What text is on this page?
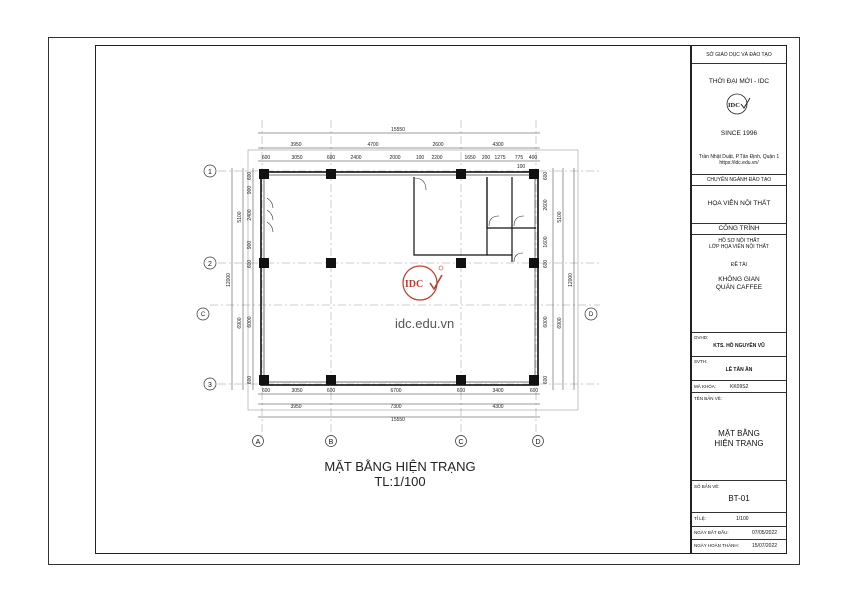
1
2
3
A	B	C	D
C	D
15550
3950	4700	2600	4300
600	3050	600	2400	2000	100 2200	1650 200 1275 775 400
100
600	3050	600	6700	600	3400	600
3950	7300	4300
15550
12000
5100
6900
600
2400
600
6000
600
900
900
12000
5100
6900
600
2600
1600
600
6000
600
IDC
IDC
idc.edu.vn
MẶT BẰNG HIỆN TRẠNG
TL:1/100
SỞ GIÁO DỤC VÀ ĐÀO TẠO
THỜI ĐẠI MỚI - IDC
SINCE 1996
Trần Nhật Duật, P.Tân Định, Quận 1
https://idc.edu.vn/
CHUYÊN NGÀNH ĐÀO TẠO
HỌA VIÊN NỘI THẤT
CÔNG TRÌNH
HỒ SƠ NỘI THẤT
LỚP HỌA VIÊN NỘI THẤT
ĐỀ TÀI
KHÔNG GIAN
QUÁN CAFFEE
GVHD:
KTS. HỒ NGUYÊN VŨ
SVTH:
LÊ TẤN ÂN
MÃ KHÓA:	KK09S2
TÊN BẢN VẼ:
MẶT BẰNG
HIỆN TRẠNG
SỐ BẢN VẼ:
BT-01
TỈ LỆ:	1/100
NGÀY BẮT ĐẦU:	07/05/2022
NGÀY HOÀN THÀNH:	15/07/2022
